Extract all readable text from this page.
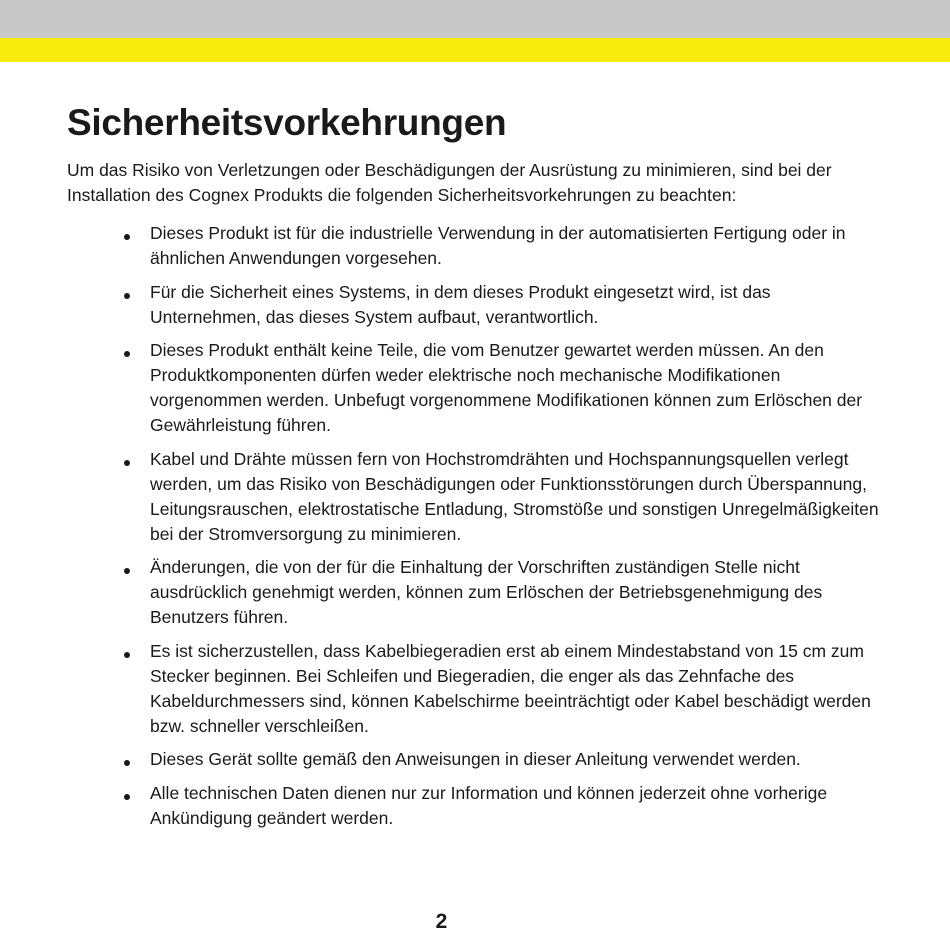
Sicherheitsvorkehrungen

Um das Risiko von Verletzungen oder Beschädigungen der Ausrüstung zu minimieren, sind bei der Installation des Cognex Produkts die folgenden Sicherheitsvorkehrungen zu beachten:

Dieses Produkt ist für die industrielle Verwendung in der automatisierten Fertigung oder in ähnlichen Anwendungen vorgesehen.
Für die Sicherheit eines Systems, in dem dieses Produkt eingesetzt wird, ist das Unternehmen, das dieses System aufbaut, verantwortlich.
Dieses Produkt enthält keine Teile, die vom Benutzer gewartet werden müssen. An den Produktkomponenten dürfen weder elektrische noch mechanische Modifikationen vorgenommen werden. Unbefugt vorgenommene Modifikationen können zum Erlöschen der Gewährleistung führen.
Kabel und Drähte müssen fern von Hochstromdrähten und Hochspannungsquellen verlegt werden, um das Risiko von Beschädigungen oder Funktionsstörungen durch Überspannung, Leitungsrauschen, elektrostatische Entladung, Stromstöße und sonstigen Unregelmäßigkeiten bei der Stromversorgung zu minimieren.
Änderungen, die von der für die Einhaltung der Vorschriften zuständigen Stelle nicht ausdrücklich genehmigt werden, können zum Erlöschen der Betriebsgenehmigung des Benutzers führen.
Es ist sicherzustellen, dass Kabelbiegeradien erst ab einem Mindestabstand von 15 cm zum Stecker beginnen. Bei Schleifen und Biegeradien, die enger als das Zehnfache des Kabeldurchmessers sind, können Kabelschirme beeinträchtigt oder Kabel beschädigt werden bzw. schneller verschleißen.
Dieses Gerät sollte gemäß den Anweisungen in dieser Anleitung verwendet werden.
Alle technischen Daten dienen nur zur Information und können jederzeit ohne vorherige Ankündigung geändert werden.
2
